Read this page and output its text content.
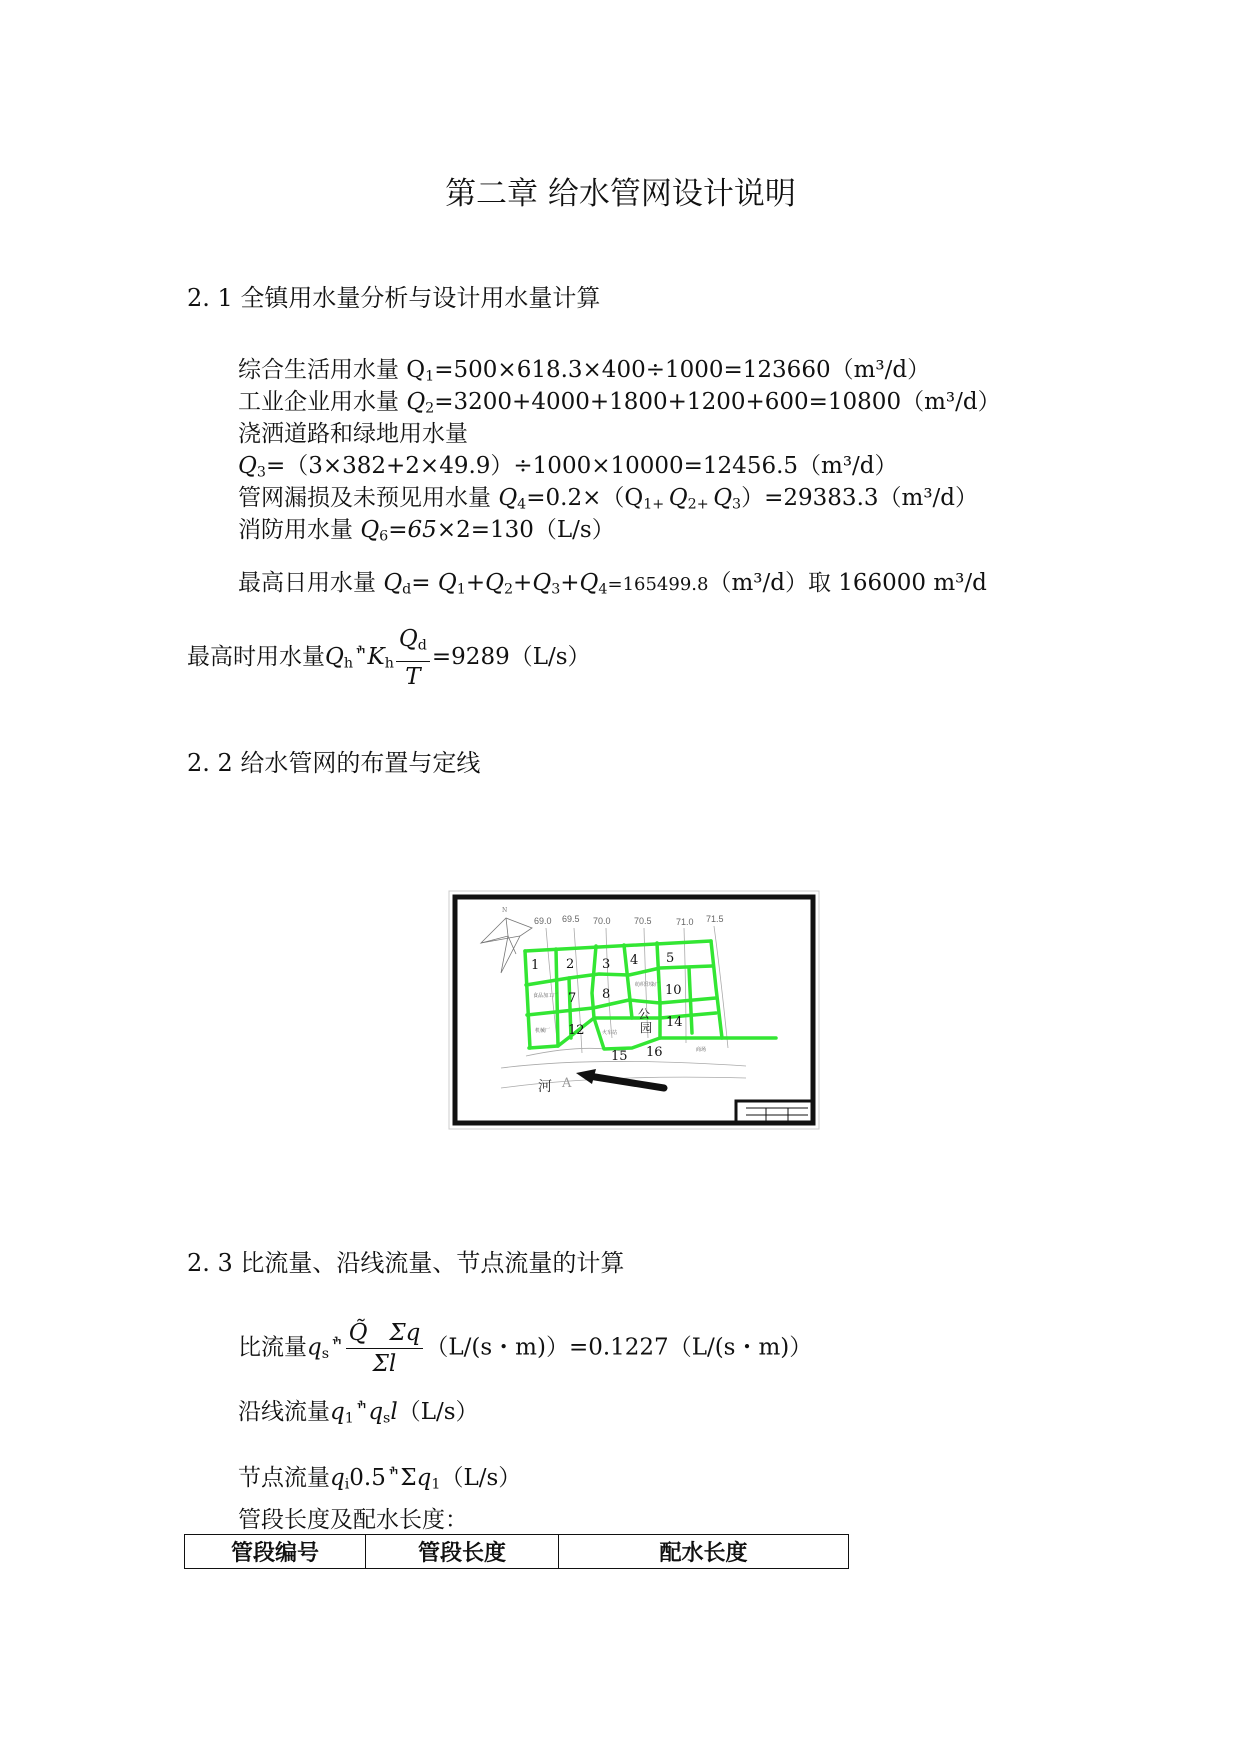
第二章 给水管网设计说明
2. 1 全镇用水量分析与设计用水量计算
综合生活用水量 $Q_1=500\times 618.3\times 400\div 1000=123660(m^3/d)$
工业企业用水量 $Q_2=3200+4000+1800+1200+600=10800(m^3/d)$
浇洒道路和绿地用水量
$Q_3=(3\times 382+2\times 49.9)\div 1000\times 10000=12456.5(m^3/d)$
管网漏损及未预见用水量 $Q_4=0.2\times(Q_{1+}$ $Q_{2+}$ $Q_3)=29383.3(m^3/d)$
消防用水量 $Q_6=65\times 2=130(L/s)$
最高日用水量 $Q_d= Q_1+Q_2+Q_3+Q_4=165499.8(m^3/d)$取 166000 m³/d
最高时用水量$Q_h^ׯ$ $K_h \frac{Q_d}{T} =9289(L/s)$
2. 2 给水管网的布置与定线
N
69.0 69.5 70.0	70.5	71.0 71.5
1 2 3 4 5
7 8	10
12
公
园 14
15 16
食品加工厂
纺织印染厂
机械厂	火车站
商场
河 A
2. 3 比流量、沿线流量、节点流量的计算
比流量$q_s^ׯ \frac{Q̃ \Sigma q}{\Sigma l} (L/(s$・m)）=0.1227（L/(s・m)）
沿线流量$q_1^ׯ$ $q_sl(L/s)$
节点流量$q_i^ׯ0.5\Sigma q_1(L/s)$
管段长度及配水长度：
管段编号	管段长度	配水长度
